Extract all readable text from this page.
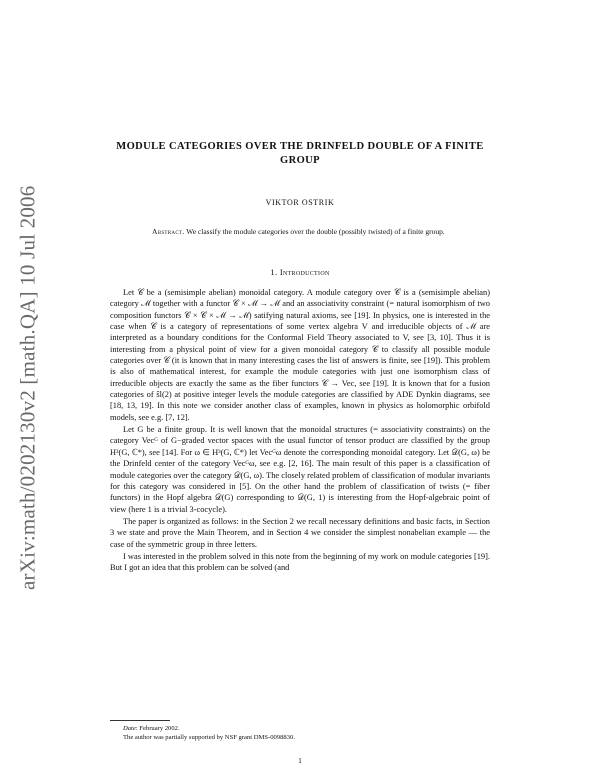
arXiv:math/0202130v2 [math.QA] 10 Jul 2006
MODULE CATEGORIES OVER THE DRINFELD DOUBLE OF A FINITE GROUP
VIKTOR OSTRIK
Abstract. We classify the module categories over the double (possibly twisted) of a finite group.
1. Introduction

Let 𝒞 be a (semisimple abelian) monoidal category. A module category over 𝒞 is a (semisimple abelian) category ℳ together with a functor 𝒞 × ℳ → ℳ and an associativity constraint (= natural isomorphism of two composition functors 𝒞 × 𝒞 × ℳ → ℳ) satifying natural axioms, see [19]. In physics, one is interested in the case when 𝒞 is a category of representations of some vertex algebra V and irreducible objects of ℳ are interpreted as a boundary conditions for the Conformal Field Theory associated to V, see [3, 10]. Thus it is interesting from a physical point of view for a given monoidal category 𝒞 to classify all possible module categories over 𝒞 (it is known that in many interesting cases the list of answers is finite, see [19]). This problem is also of mathematical interest, for example the module categories with just one isomorphism class of irreducible objects are exactly the same as the fiber functors 𝒞 → Vec, see [19]. It is known that for a fusion categories of ŝl(2) at positive integer levels the module categories are classified by ADE Dynkin diagrams, see [18, 13, 19]. In this note we consider another class of examples, known in physics as holomorphic orbifold models, see e.g. [7, 12].

Let G be a finite group. It is well known that the monoidal structures (= associativity constraints) on the category Vecᴳ of G−graded vector spaces with the usual functor of tensor product are classified by the group H³(G, ℂ*), see [14]. For ω ∈ H³(G, ℂ*) let Vecᴳω denote the corresponding monoidal category. Let 𝒟(G, ω) be the Drinfeld center of the category Vecᴳω, see e.g. [2, 16]. The main result of this paper is a classification of module categories over the category 𝒟(G, ω). The closely related problem of classification of modular invariants for this category was considered in [5]. On the other hand the problem of classification of twists (= fiber functors) in the Hopf algebra 𝒟(G) corresponding to 𝒟(G, 1) is interesting from the Hopf-algebraic point of view (here 1 is a trivial 3-cocycle).

The paper is organized as follows: in the Section 2 we recall necessary definitions and basic facts, in Section 3 we state and prove the Main Theorem, and in Section 4 we consider the simplest nonabelian example — the case of the symmetric group in three letters.

I was interested in the problem solved in this note from the beginning of my work on module categories [19]. But I got an idea that this problem can be solved (and

Date: February 2002.
The author was partially supported by NSF grant DMS-0098830.
1
